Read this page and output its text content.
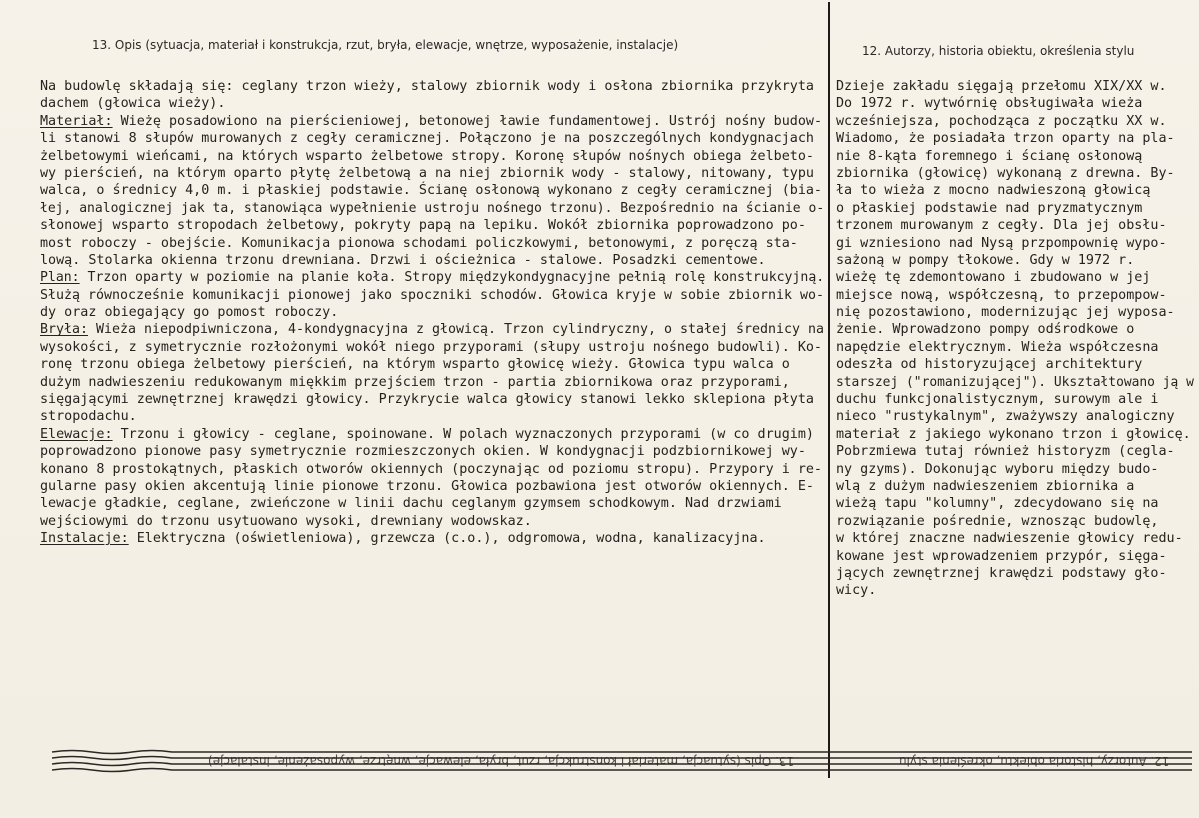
13. Opis (sytuacja, materiał i konstrukcja, rzut, bryła, elewacje, wnętrze, wyposażenie, instalacje)	12. Autorzy, historia obiektu, określenia stylu
Na budowlę składają się: ceglany trzon wieży, stalowy zbiornik wody i osłona zbiornika przykryta
dachem (głowica wieży).
Materiał: Wieżę posadowiono na pierścieniowej, betonowej ławie fundamentowej. Ustrój nośny budow-
li stanowi 8 słupów murowanych z cegły ceramicznej. Połączono je na poszczególnych kondygnacjach
żelbetowymi wieńcami, na których wsparto żelbetowe stropy. Koronę słupów nośnych obiega żelbeto-
wy pierścień, na którym oparto płytę żelbetową a na niej zbiornik wody - stalowy, nitowany, typu
walca, o średnicy 4,0 m. i płaskiej podstawie. Ścianę osłonową wykonano z cegły ceramicznej (bia-
łej, analogicznej jak ta, stanowiąca wypełnienie ustroju nośnego trzonu). Bezpośrednio na ścianie o-
słonowej wsparto stropodach żelbetowy, pokryty papą na lepiku. Wokół zbiornika poprowadzono po-
most roboczy - obejście. Komunikacja pionowa schodami policzkowymi, betonowymi, z poręczą sta-
lową. Stolarka okienna trzonu drewniana. Drzwi i ościeżnica - stalowe. Posadzki cementowe.
Plan: Trzon oparty w poziomie na planie koła. Stropy międzykondygnacyjne pełnią rolę konstrukcyjną.
Służą równocześnie komunikacji pionowej jako spoczniki schodów. Głowica kryje w sobie zbiornik wo-
dy oraz obiegający go pomost roboczy.
Bryła: Wieża niepodpiwniczona, 4-kondygnacyjna z głowicą. Trzon cylindryczny, o stałej średnicy na
wysokości, z symetrycznie rozłożonymi wokół niego przyporami (słupy ustroju nośnego budowli). Ko-
ronę trzonu obiega żelbetowy pierścień, na którym wsparto głowicę wieży. Głowica typu walca o
dużym nadwieszeniu redukowanym miękkim przejściem trzon - partia zbiornikowa oraz przyporami,
sięgającymi zewnętrznej krawędzi głowicy. Przykrycie walca głowicy stanowi lekko sklepiona płyta
stropodachu.
Elewacje: Trzonu i głowicy - ceglane, spoinowane. W polach wyznaczonych przyporami (w co drugim)
poprowadzono pionowe pasy symetrycznie rozmieszczonych okien. W kondygnacji podzbiornikowej wy-
konano 8 prostokątnych, płaskich otworów okiennych (poczynając od poziomu stropu). Przypory i re-
gularne pasy okien akcentują linie pionowe trzonu. Głowica pozbawiona jest otworów okiennych. E-
lewacje gładkie, ceglane, zwieńczone w linii dachu ceglanym gzymsem schodkowym. Nad drzwiami
wejściowymi do trzonu usytuowano wysoki, drewniany wodowskaz.
Instalacje: Elektryczna (oświetleniowa), grzewcza (c.o.), odgromowa, wodna, kanalizacyjna.
Dzieje zakładu sięgają przełomu XIX/XX w.
Do 1972 r. wytwórnię obsługiwała wieża
wcześniejsza, pochodząca z początku XX w.
Wiadomo, że posiadała trzon oparty na pla-
nie 8-kąta foremnego i ścianę osłonową
zbiornika (głowicę) wykonaną z drewna. By-
ła to wieża z mocno nadwieszoną głowicą
o płaskiej podstawie nad pryzmatycznym
trzonem murowanym z cegły. Dla jej obsłu-
gi wzniesiono nad Nysą przpompownię wypo-
sażoną w pompy tłokowe. Gdy w 1972 r.
wieżę tę zdemontowano i zbudowano w jej
miejsce nową, współczesną, to przepompow-
nię pozostawiono, modernizując jej wyposa-
żenie. Wprowadzono pompy odśrodkowe o
napędzie elektrycznym. Wieża współczesna
odeszła od historyzującej architektury
starszej ("romanizującej"). Ukształtowano ją w
duchu funkcjonalistycznym, surowym ale i
nieco "rustykalnym", zważywszy analogiczny
materiał z jakiego wykonano trzon i głowicę.
Pobrzmiewa tutaj również historyzm (cegla-
ny gzyms). Dokonując wyboru między budo-
wlą z dużym nadwieszeniem zbiornika a
wieżą tapu "kolumny", zdecydowano się na
rozwiązanie pośrednie, wznosząc budowlę,
w której znaczne nadwieszenie głowicy redu-
kowane jest wprowadzeniem przypór, sięga-
jących zewnętrznej krawędzi podstawy gło-
wicy.
13. Opis (sytuacja, materiał i konstrukcja, rzut, bryła, elewacje, wnętrze, wyposażenie, instalacje)	12. Autorzy, historia obiektu, określenia stylu
